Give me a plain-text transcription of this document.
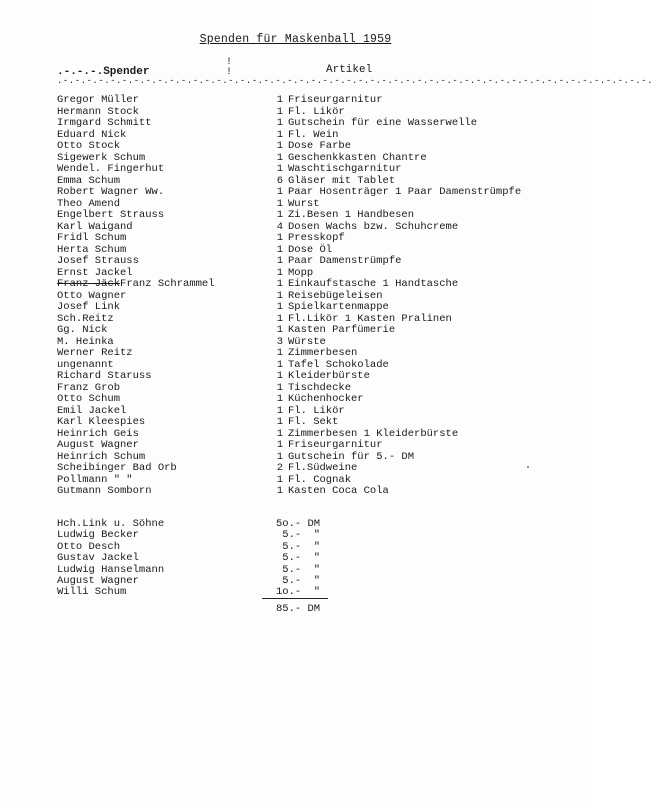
Spenden für Maskenball 1959
.-.-.-.Spender
!
!	Artikel
.-.-.-.-.-.-.-.-.-.-.-.-.-.-.-.-.-.-.-.-.-.-.-.-.-.-.-.-.-.-.-.-.-.-.-.-.-.-.-.-.-.-.-.-.-.-.-.-.-.-.
Gregor Müller	1 Friseurgarnitur
Hermann Stock	1 Fl. Likör
Irmgard Schmitt	1 Gutschein für eine Wasserwelle
Eduard Nick	1 Fl. Wein
Otto Stock	1 Dose Farbe
Sigewerk Schum	1 Geschenkkasten Chantre
Wendel. Fingerhut	1 Waschtischgarnitur
Emma Schum	6 Gläser mit Tablet
Robert Wagner Ww.	1 Paar Hosenträger 1 Paar Damenstrümpfe
Theo Amend	1 Wurst
Engelbert Strauss	1 Zi.Besen 1 Handbesen
Karl Waigand	4 Dosen Wachs bzw. Schuhcreme
Fridl Schum	1 Presskopf
Herta Schum	1 Dose Öl
Josef Strauss	1 Paar Damenstrümpfe
Ernst Jackel	1 Mopp
Franz JäckFranz Schrammel	1 Einkaufstasche 1 Handtasche
Otto Wagner	1 Reisebügeleisen
Josef Link	1 Spielkartenmappe
Sch.Reitz	1 Fl.Likör 1 Kasten Pralinen
Gg. Nick	1 Kasten Parfümerie
M. Heinka	3 Würste
Werner Reitz	1 Zimmerbesen
ungenannt	1 Tafel Schokolade
Richard Staruss	1 Kleiderbürste
Franz Grob	1 Tischdecke
Otto Schum	1 Küchenhocker
Emil Jackel	1 Fl. Likör
Karl Kleespies	1 Fl. Sekt
Heinrich Geis	1 Zimmerbesen 1 Kleiderbürste
August Wagner	1 Friseurgarnitur
Heinrich Schum	1 Gutschein für 5.- DM
Scheibinger Bad Orb	2 Fl.Südweine
Pollmann " "	1 Fl. Cognak
Gutmann Somborn	1 Kasten Coca Cola
Hch.Link u. Söhne	5o.- DM
Ludwig Becker	5.-  "
Otto Desch	5.-  "
Gustav Jackel	5.-  "
Ludwig Hanselmann	5.-  "
August Wagner	5.-  "
Willi Schum	1o.-  "
85.- DM
